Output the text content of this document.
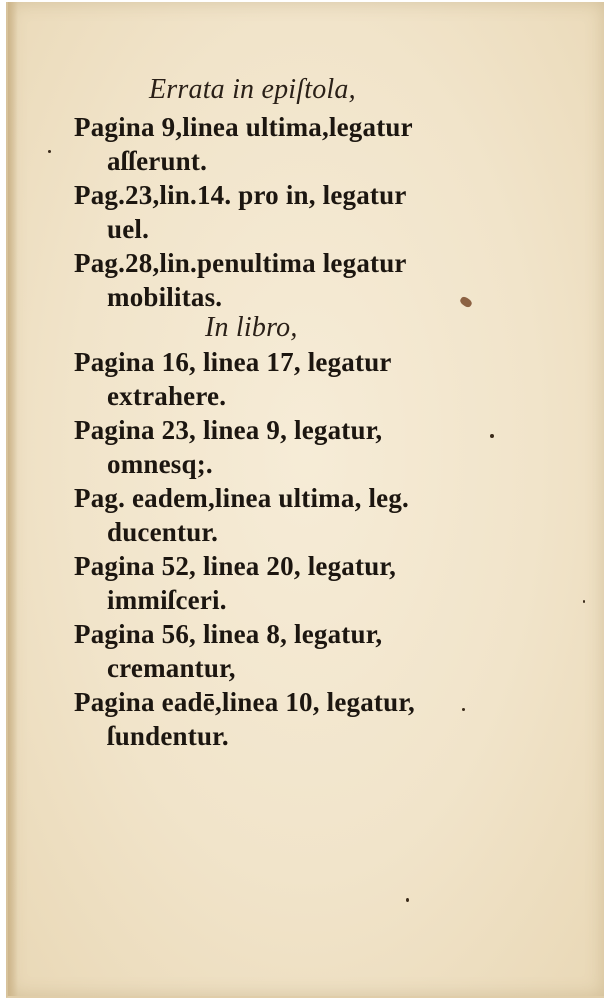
Errata in epiſtola,
Pagina 9,linea ultima,legatur
aſſerunt.
Pag.23,lin.14. pro in, legatur
uel.
Pag.28,lin.penultima legatur
mobilitas.
In libro,
Pagina 16, linea 17, legatur
extrahere.
Pagina 23, linea 9, legatur,
omnesq;.
Pag. eadem,linea ultima, leg.
ducentur.
Pagina 52, linea 20, legatur,
immiſceri.
Pagina 56, linea 8, legatur,
cremantur,
Pagina eadē,linea 10, legatur,
ſundentur.
